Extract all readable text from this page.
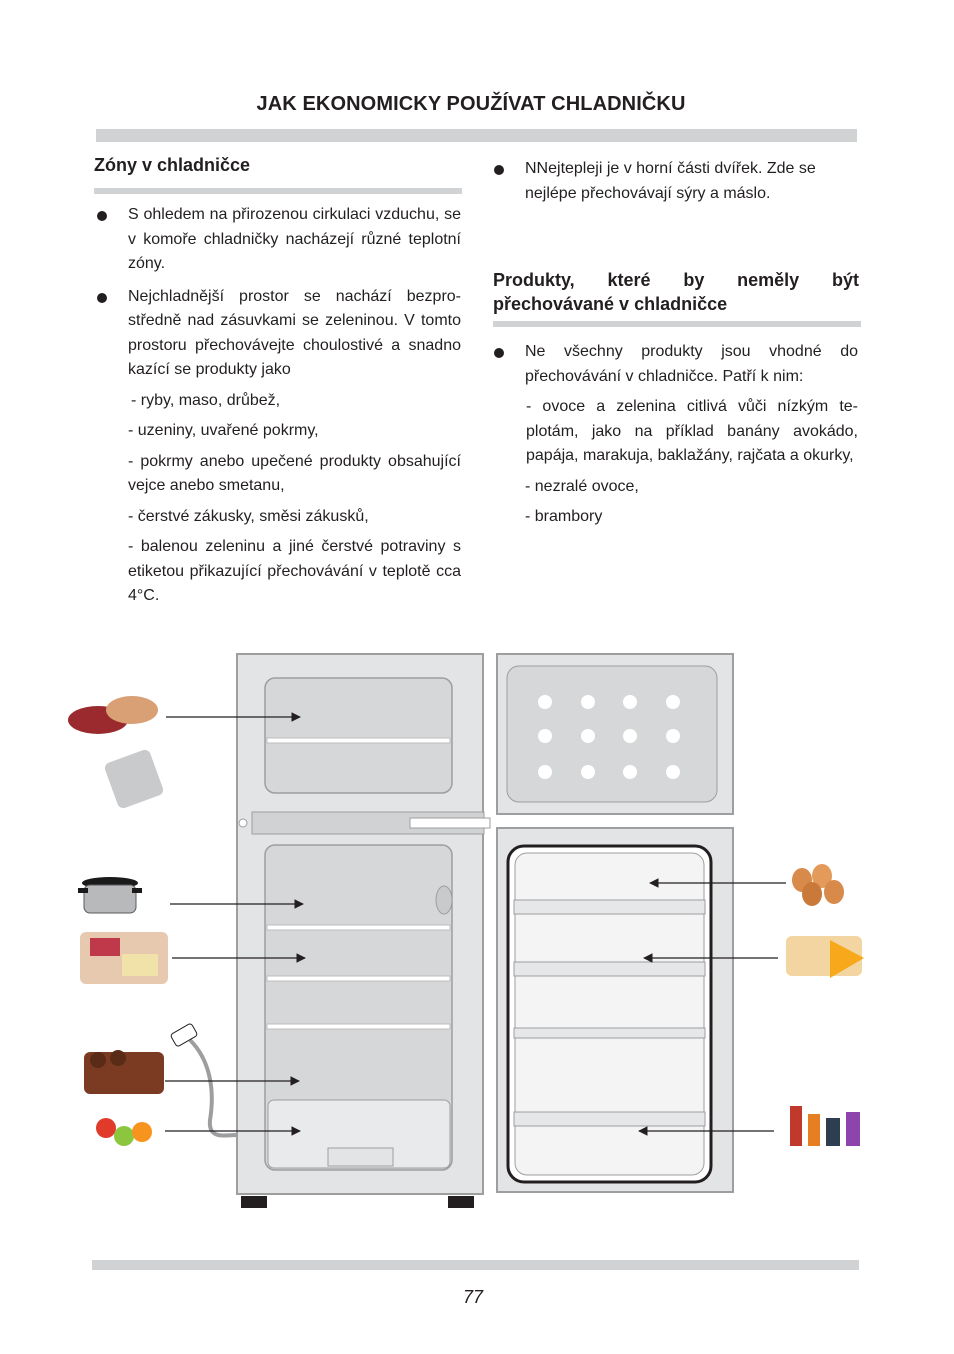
JAK EKONOMICKY POUŽÍVAT CHLADNIČKU
Zóny v chladničce

S ohledem na přirozenou cirkulaci vzduchu, se v komoře chladničky nacházejí různé teplotní zóny.

Nejchladnější prostor se nachází bezprostředně nad zásuvkami se zeleninou. V tomto prostoru přechovávejte choulostivé a snadno kazící se produkty jako

- ryby, maso, drůbež,

- uzeniny, uvařené pokrmy,

- pokrmy anebo upečené produkty obsahující vejce anebo smetanu,

- čerstvé zákusky, směsi zákusků,

- balenou zeleninu a jiné čerstvé potraviny s etiketou přikazující přechovávání v teplotě cca 4°C.

NNejtepleji je v horní části dvířek. Zde se nejlépe přechovávají sýry a máslo.

Produkty, které by neměly být přechovávané v chladničce

Ne všechny produkty jsou vhodné do přechovávání v chladničce. Patří k nim:

- ovoce a zelenina citlivá vůči nízkým teplotám, jako na příklad banány avokádo, papája, marakuja, baklažány, rajčata a okurky,

- nezralé ovoce,

- brambory

77
